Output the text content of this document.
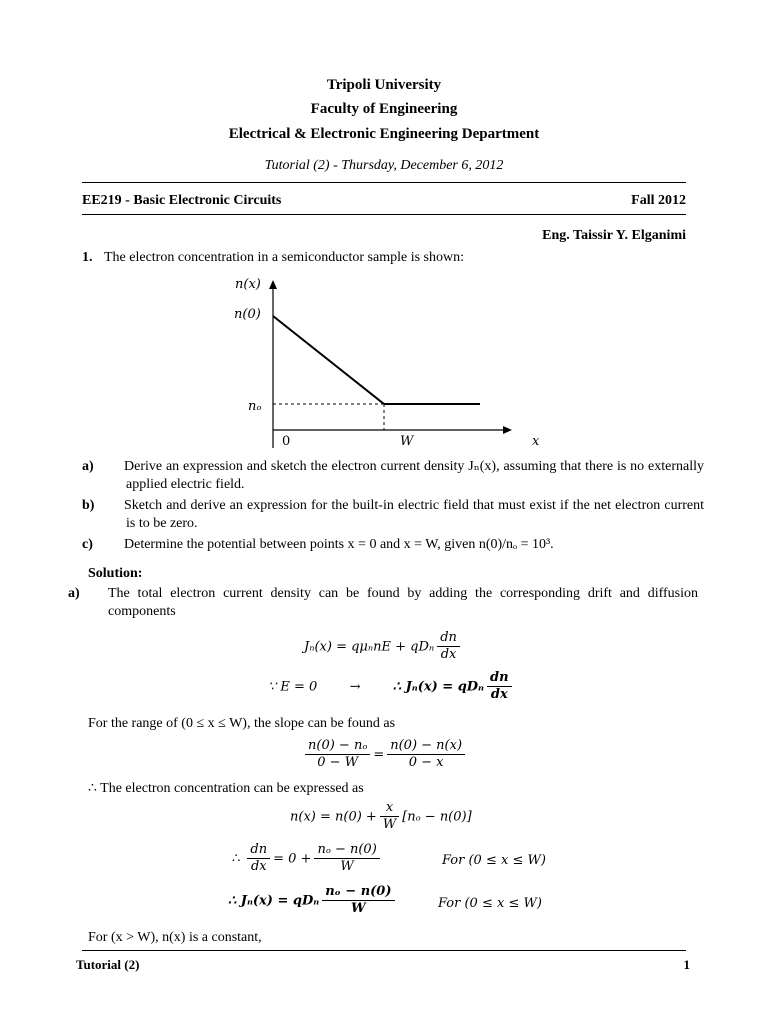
Tripoli University
Faculty of Engineering
Electrical & Electronic Engineering Department
Tutorial (2) - Thursday, December 6, 2012
EE219 - Basic Electronic Circuits	Fall 2012
Eng. Taissir Y. Elganimi
1. The electron concentration in a semiconductor sample is shown:
n(x)
n(0)
nₒ
0	W	x
a) Derive an expression and sketch the electron current density Jₙ(x), assuming that there is no externally applied electric field.
b) Sketch and derive an expression for the built-in electric field that must exist if the net electron current is to be zero.
c) Determine the potential between points x = 0 and x = W, given n(0)/nₒ = 10³.
Solution:
a) The total electron current density can be found by adding the corresponding drift and diffusion components
Jₙ(x) = qμₙnE + qDₙ $\frac{dn}{dx}$
∵ E = 0 → ∴ Jₙ(x) = qDₙ $\frac{dn}{dx}$
For the range of (0 ≤ x ≤ W), the slope can be found as
$\frac{\text{n(0) − nₒ}}{0 - W} = \frac{n(0) - n(x)}{0 - x}$
∴ The electron concentration can be expressed as
$n(x) = n(0) + \frac{x}{W} [n_o - n(0)]$
∴ $\frac{dn}{dx} = 0 + \frac{\text{nₒ − n(0)}}{W}$	For (0 ≤ x ≤ W)
∴ Jₙ(x) = qDₙ $\frac{\text{nₒ − n(0)}}{W}$	For (0 ≤ x ≤ W)
For (x > W), n(x) is a constant,
Tutorial (2)	1
